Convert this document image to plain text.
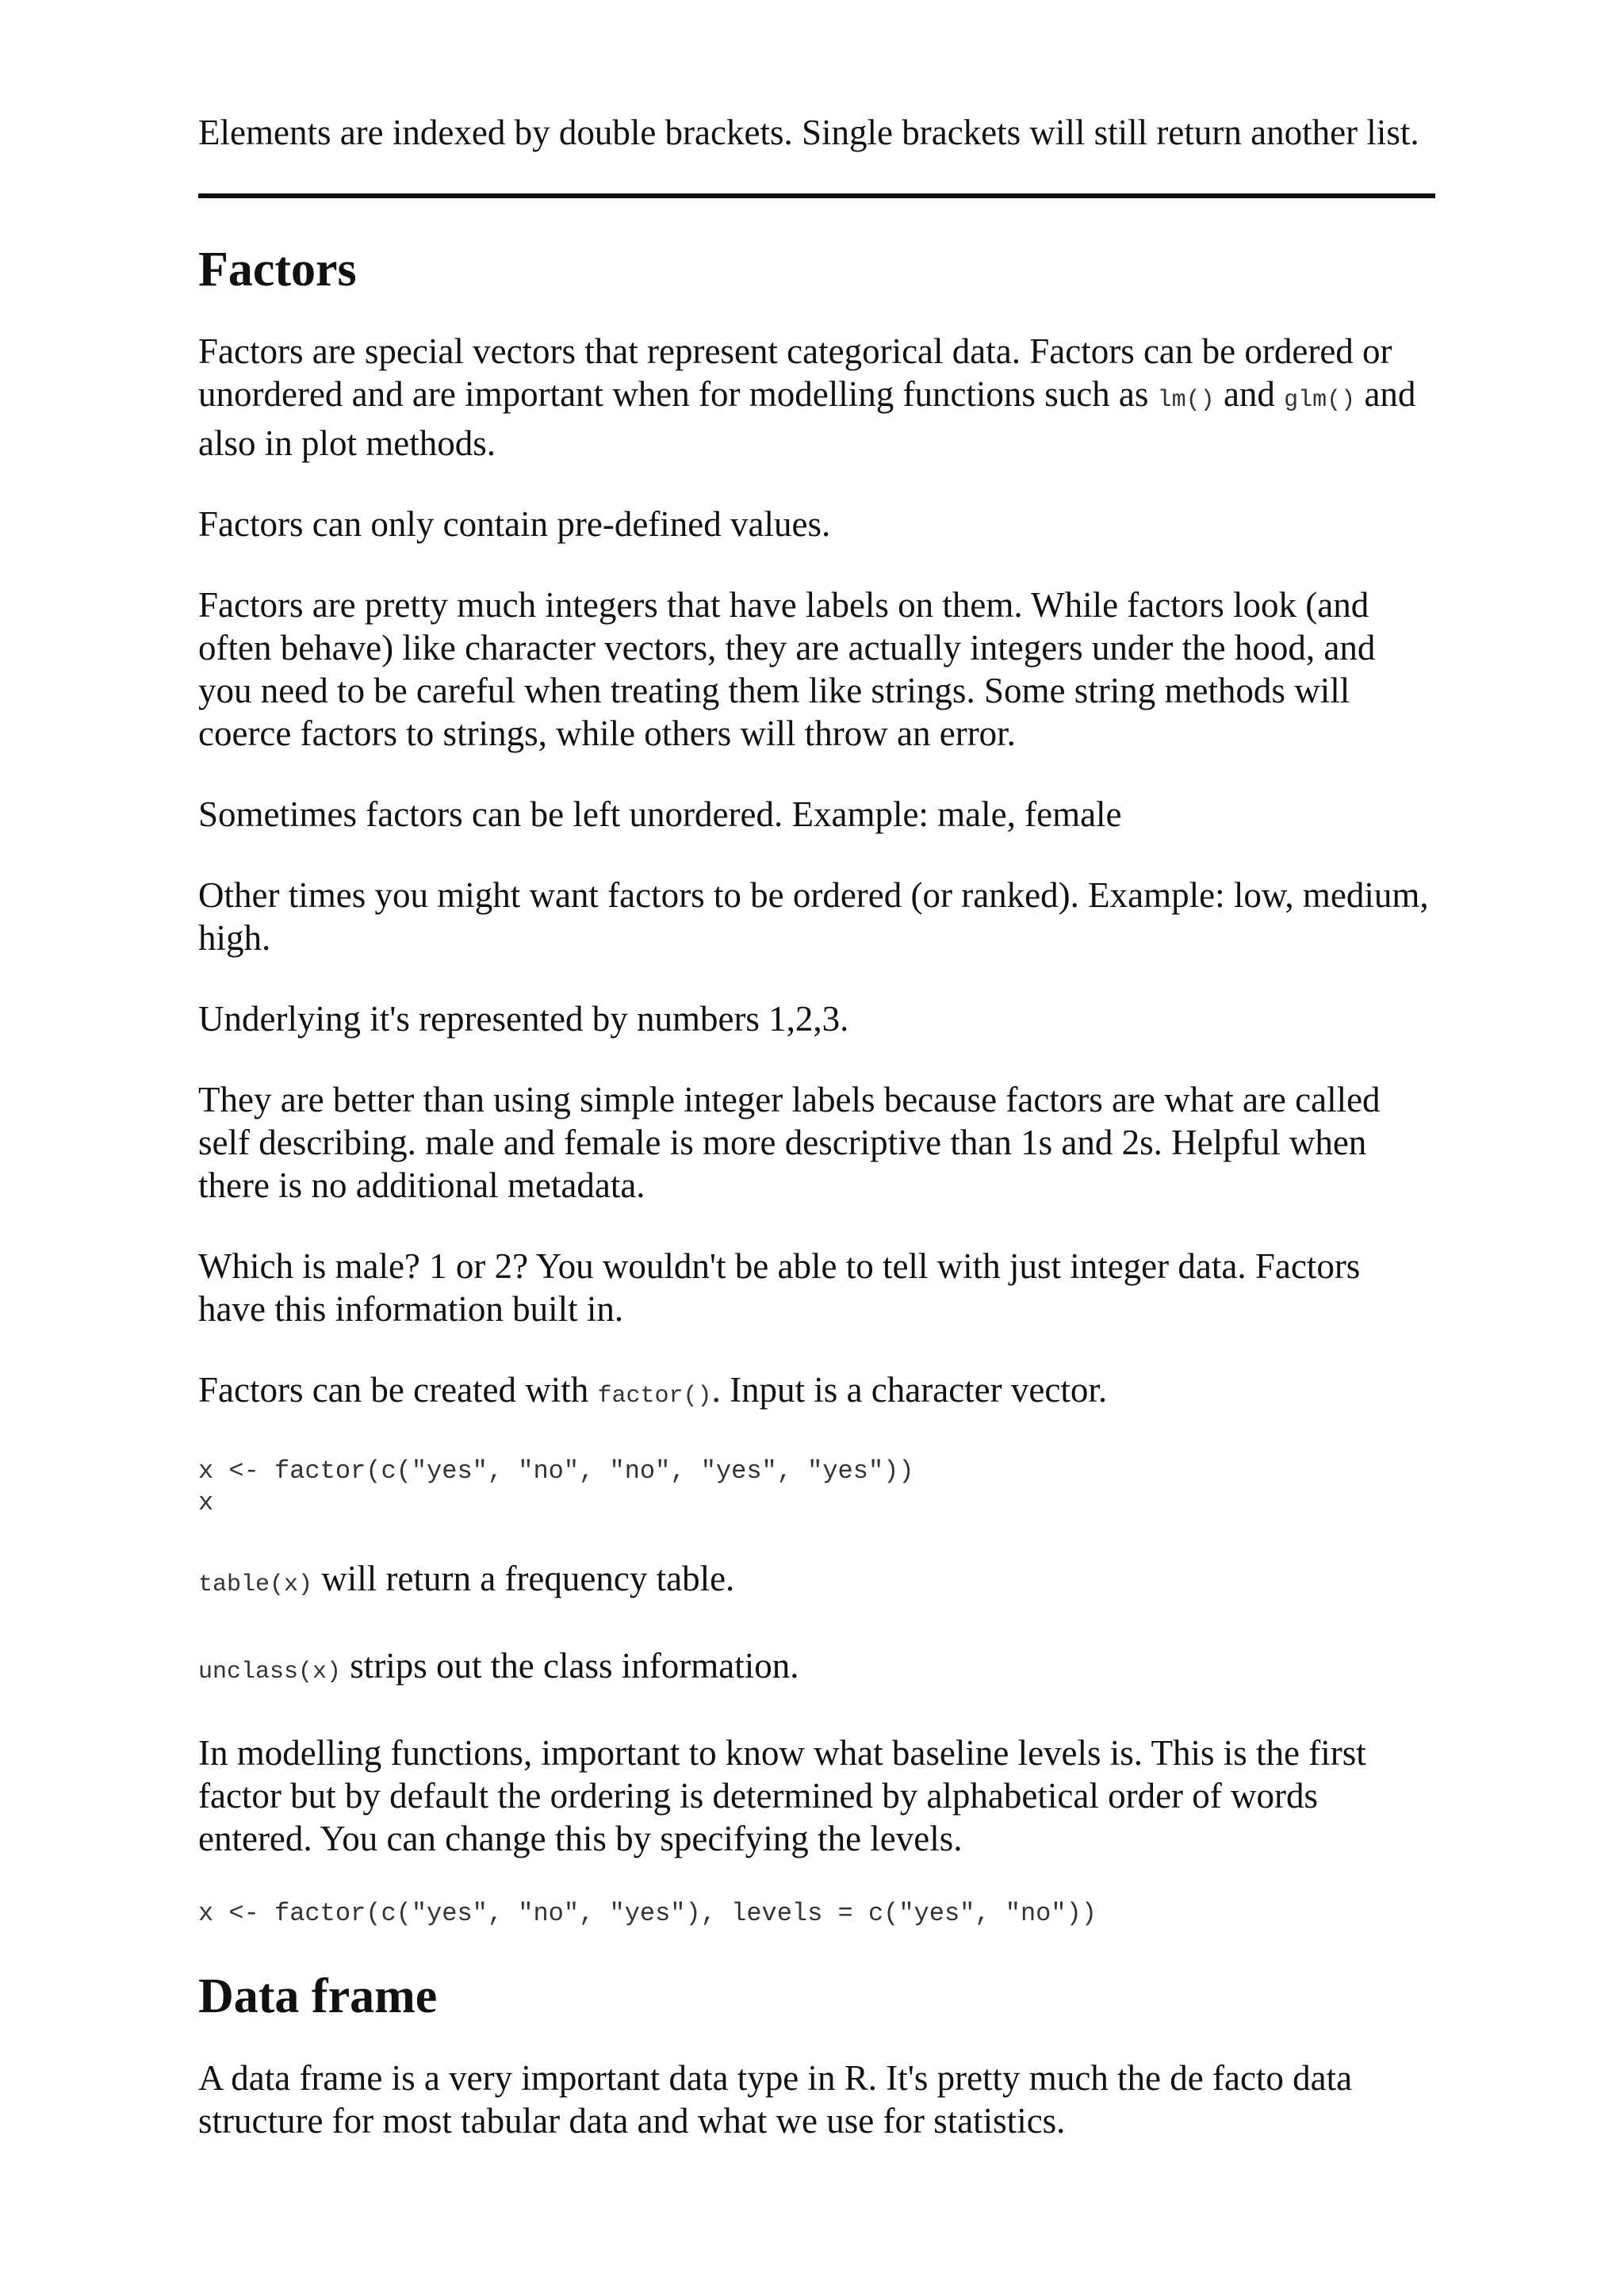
Elements are indexed by double brackets. Single brackets will still return another list.

Factors

Factors are special vectors that represent categorical data. Factors can be ordered or unordered and are important when for modelling functions such as lm() and glm() and also in plot methods.

Factors can only contain pre-defined values.

Factors are pretty much integers that have labels on them. While factors look (and often behave) like character vectors, they are actually integers under the hood, and you need to be careful when treating them like strings. Some string methods will coerce factors to strings, while others will throw an error.

Sometimes factors can be left unordered. Example: male, female

Other times you might want factors to be ordered (or ranked). Example: low, medium, high.

Underlying it's represented by numbers 1,2,3.

They are better than using simple integer labels because factors are what are called self describing. male and female is more descriptive than 1s and 2s. Helpful when there is no additional metadata.

Which is male? 1 or 2? You wouldn't be able to tell with just integer data. Factors have this information built in.

Factors can be created with factor(). Input is a character vector.

x <- factor(c("yes", "no", "no", "yes", "yes"))
x

table(x) will return a frequency table.

unclass(x) strips out the class information.

In modelling functions, important to know what baseline levels is. This is the first factor but by default the ordering is determined by alphabetical order of words entered. You can change this by specifying the levels.

x <- factor(c("yes", "no", "yes"), levels = c("yes", "no"))
Data frame

A data frame is a very important data type in R. It's pretty much the de facto data structure for most tabular data and what we use for statistics.
